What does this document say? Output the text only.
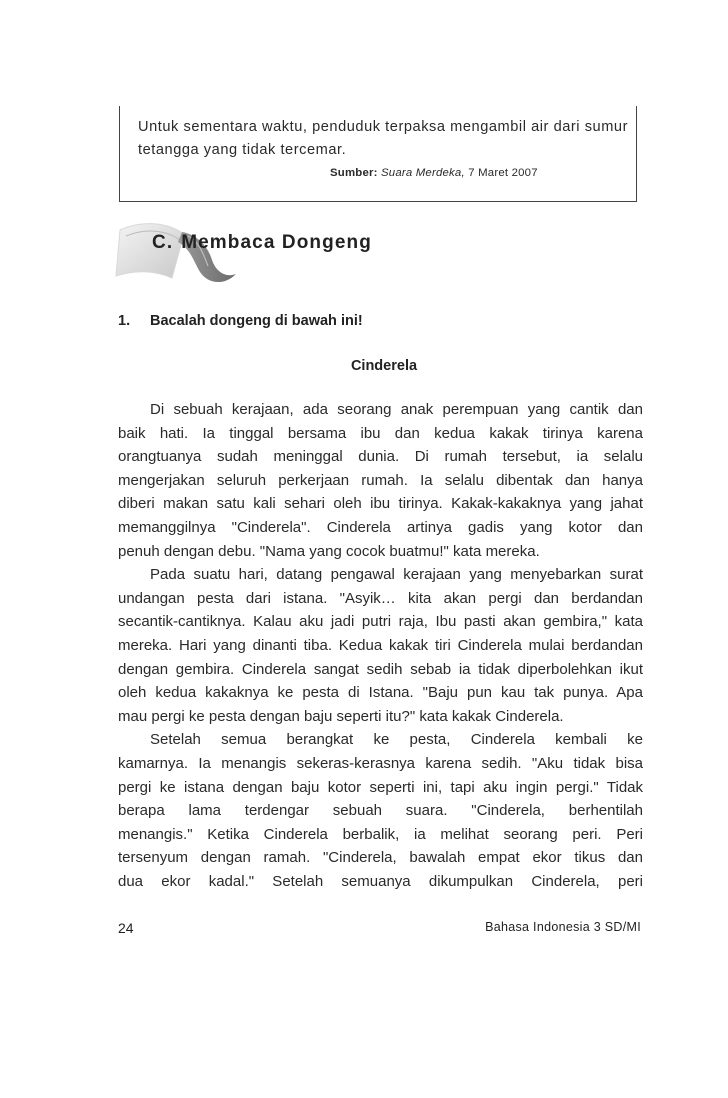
Untuk sementara waktu, penduduk terpaksa mengambil air dari sumur tetangga yang tidak tercemar.

Sumber: Suara Merdeka, 7 Maret 2007
C. Membaca Dongeng
1. Bacalah dongeng di bawah ini!
Cinderela
Di sebuah kerajaan, ada seorang anak perempuan yang cantik dan
baik hati. Ia tinggal bersama ibu dan kedua kakak tirinya karena
orangtuanya sudah meninggal dunia. Di rumah tersebut, ia selalu
mengerjakan seluruh perkerjaan rumah. Ia selalu dibentak dan hanya
diberi makan satu kali sehari oleh ibu tirinya. Kakak-kakaknya yang jahat
memanggilnya "Cinderela". Cinderela artinya gadis yang kotor dan
penuh dengan debu. "Nama yang cocok buatmu!" kata mereka.
Pada suatu hari, datang pengawal kerajaan yang menyebarkan surat
undangan pesta dari istana. "Asyik… kita akan pergi dan berdandan
secantik-cantiknya. Kalau aku jadi putri raja, Ibu pasti akan gembira," kata
mereka. Hari yang dinanti tiba. Kedua kakak tiri Cinderela mulai berdandan
dengan gembira. Cinderela sangat sedih sebab ia tidak diperbolehkan ikut
oleh kedua kakaknya ke pesta di Istana. "Baju pun kau tak punya. Apa
mau pergi ke pesta dengan baju seperti itu?" kata kakak Cinderela.
Setelah semua berangkat ke pesta, Cinderela kembali ke
kamarnya. Ia menangis sekeras-kerasnya karena sedih. "Aku tidak bisa
pergi ke istana dengan baju kotor seperti ini, tapi aku ingin pergi." Tidak
berapa lama terdengar sebuah suara. "Cinderela, berhentilah
menangis." Ketika Cinderela berbalik, ia melihat seorang peri. Peri
tersenyum dengan ramah. "Cinderela, bawalah empat ekor tikus dan
dua ekor kadal." Setelah semuanya dikumpulkan Cinderela, peri
24	Bahasa Indonesia 3 SD/MI
